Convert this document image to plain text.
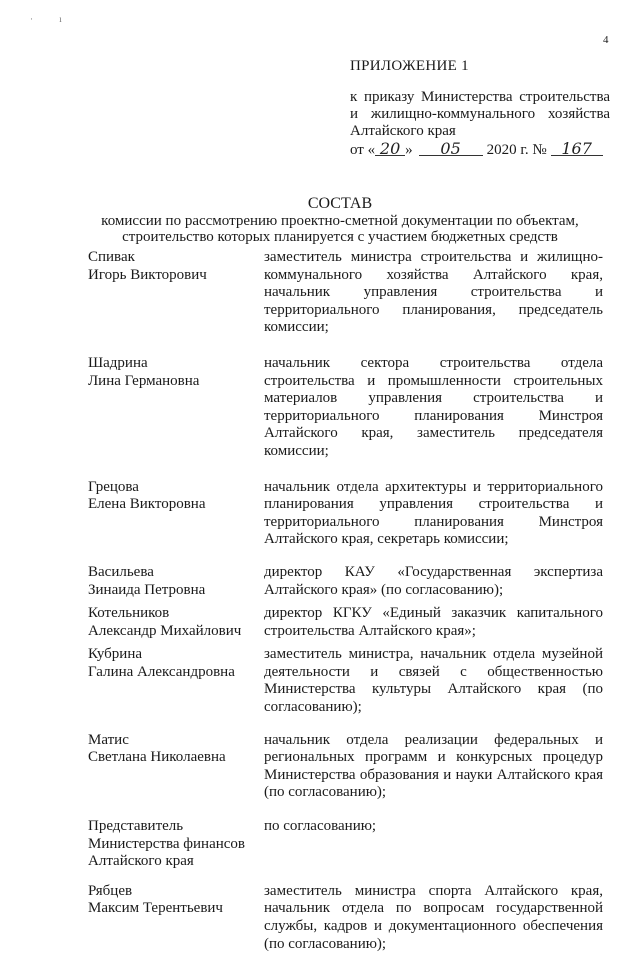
· ı
4
ПРИЛОЖЕНИЕ 1
к приказу Министерства строительства
и жилищно-коммунального хозяйства
Алтайского края
от « 20 »	05	2020 г. № 167
СОСТАВ
комиссии по рассмотрению проектно-сметной документации по объектам,
строительство которых планируется с участием бюджетных средств
Спивак
Игорь Викторович
заместитель министра строительства и жилищно-коммунального хозяйства Алтайского края, начальник управления строительства и территориального планирования, председатель комиссии;
Шадрина
Лина Германовна
начальник сектора строительства отдела строительства и промышленности строительных материалов управления строительства и территориального планирования Минстроя Алтайского края, заместитель председателя комиссии;
Грецова
Елена Викторовна
начальник отдела архитектуры и территориального планирования управления строительства и территориального планирования Минстроя Алтайского края, секретарь комиссии;
Васильева
Зинаида Петровна
директор КАУ «Государственная экспертиза Алтайского края» (по согласованию);
Котельников
Александр Михайлович
директор КГКУ «Единый заказчик капитального строительства Алтайского края»;
Кубрина
Галина Александровна
заместитель министра, начальник отдела музейной деятельности и связей с общественностью Министерства культуры Алтайского края (по согласованию);
Матис
Светлана Николаевна
начальник отдела реализации федеральных и региональных программ и конкурсных процедур Министерства образования и науки Алтайского края (по согласованию);
Представитель
Министерства финансов
Алтайского края
по согласованию;
Рябцев
Максим Терентьевич
заместитель министра спорта Алтайского края, начальник отдела по вопросам государственной службы, кадров и документационного обеспечения (по согласованию);
